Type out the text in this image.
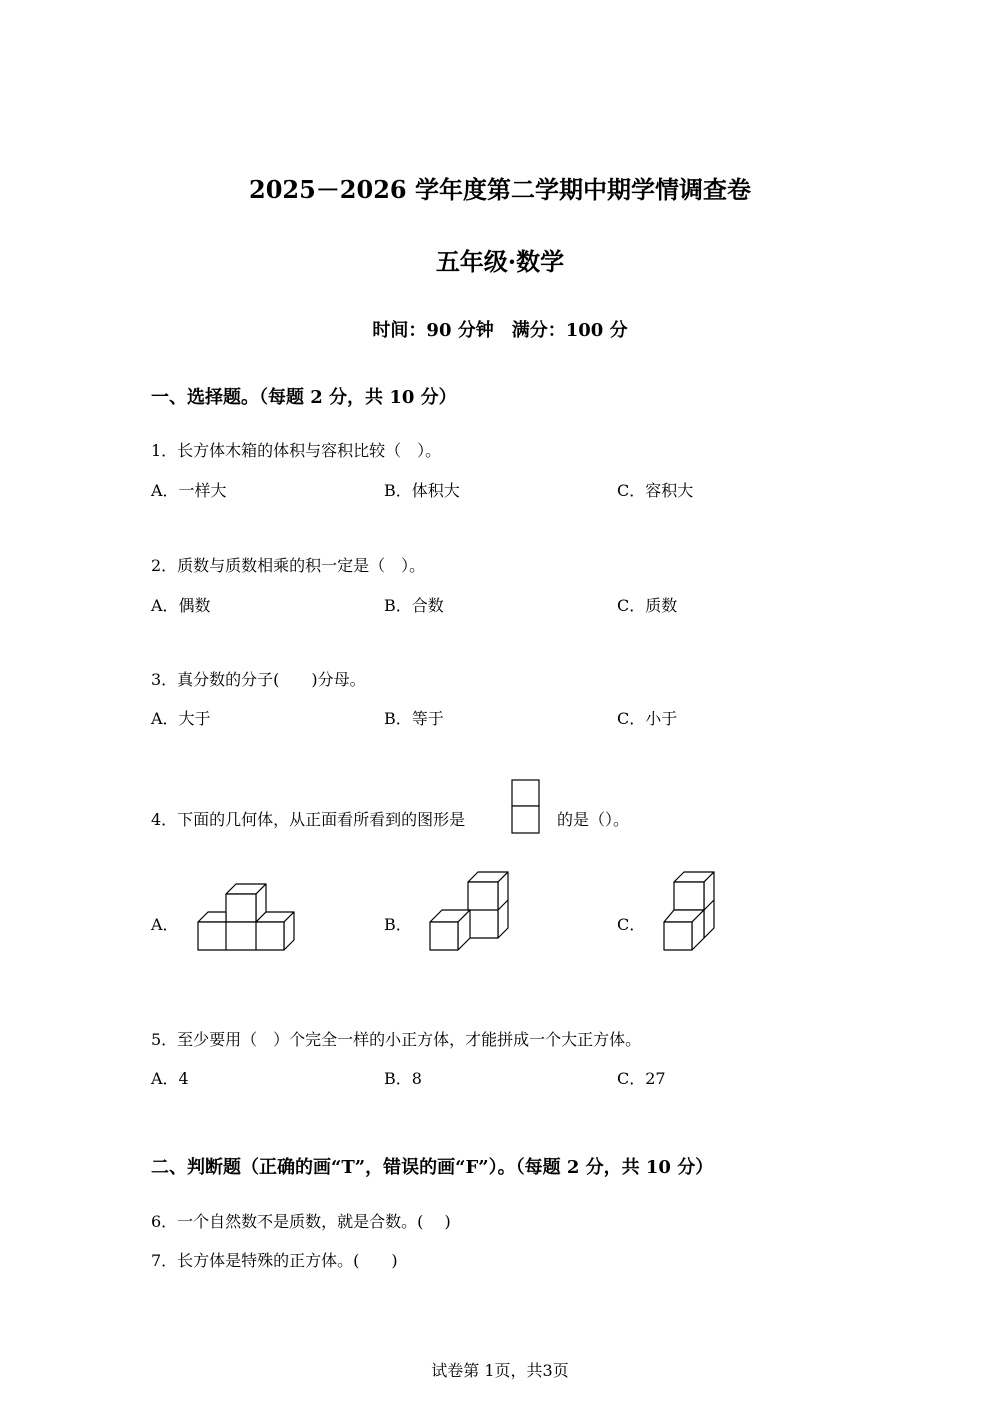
2025－2026 学年度第二学期中期学情调查卷
五年级·数学
时间：90 分钟　满分：100 分
一、选择题。（每题 2 分，共 10 分）
1．长方体木箱的体积与容积比较（　）。
A．一样大	B．体积大	C．容积大
2．质数与质数相乘的积一定是（　）。
A．偶数	B．合数	C．质数
3．真分数的分子(　　)分母。
A．大于	B．等于	C．小于
4．下面的几何体，从正面看所看到的图形是	的是（）。
A．	B．	C．
5．至少要用（　）个完全一样的小正方体，才能拼成一个大正方体。
A．4	B．8	C．27
二、判断题（正确的画“T”，错误的画“F”）。（每题 2 分，共 10 分）
6．一个自然数不是质数，就是合数。(　 )
7．长方体是特殊的正方体。(　　)
试卷第 1页，共3页
